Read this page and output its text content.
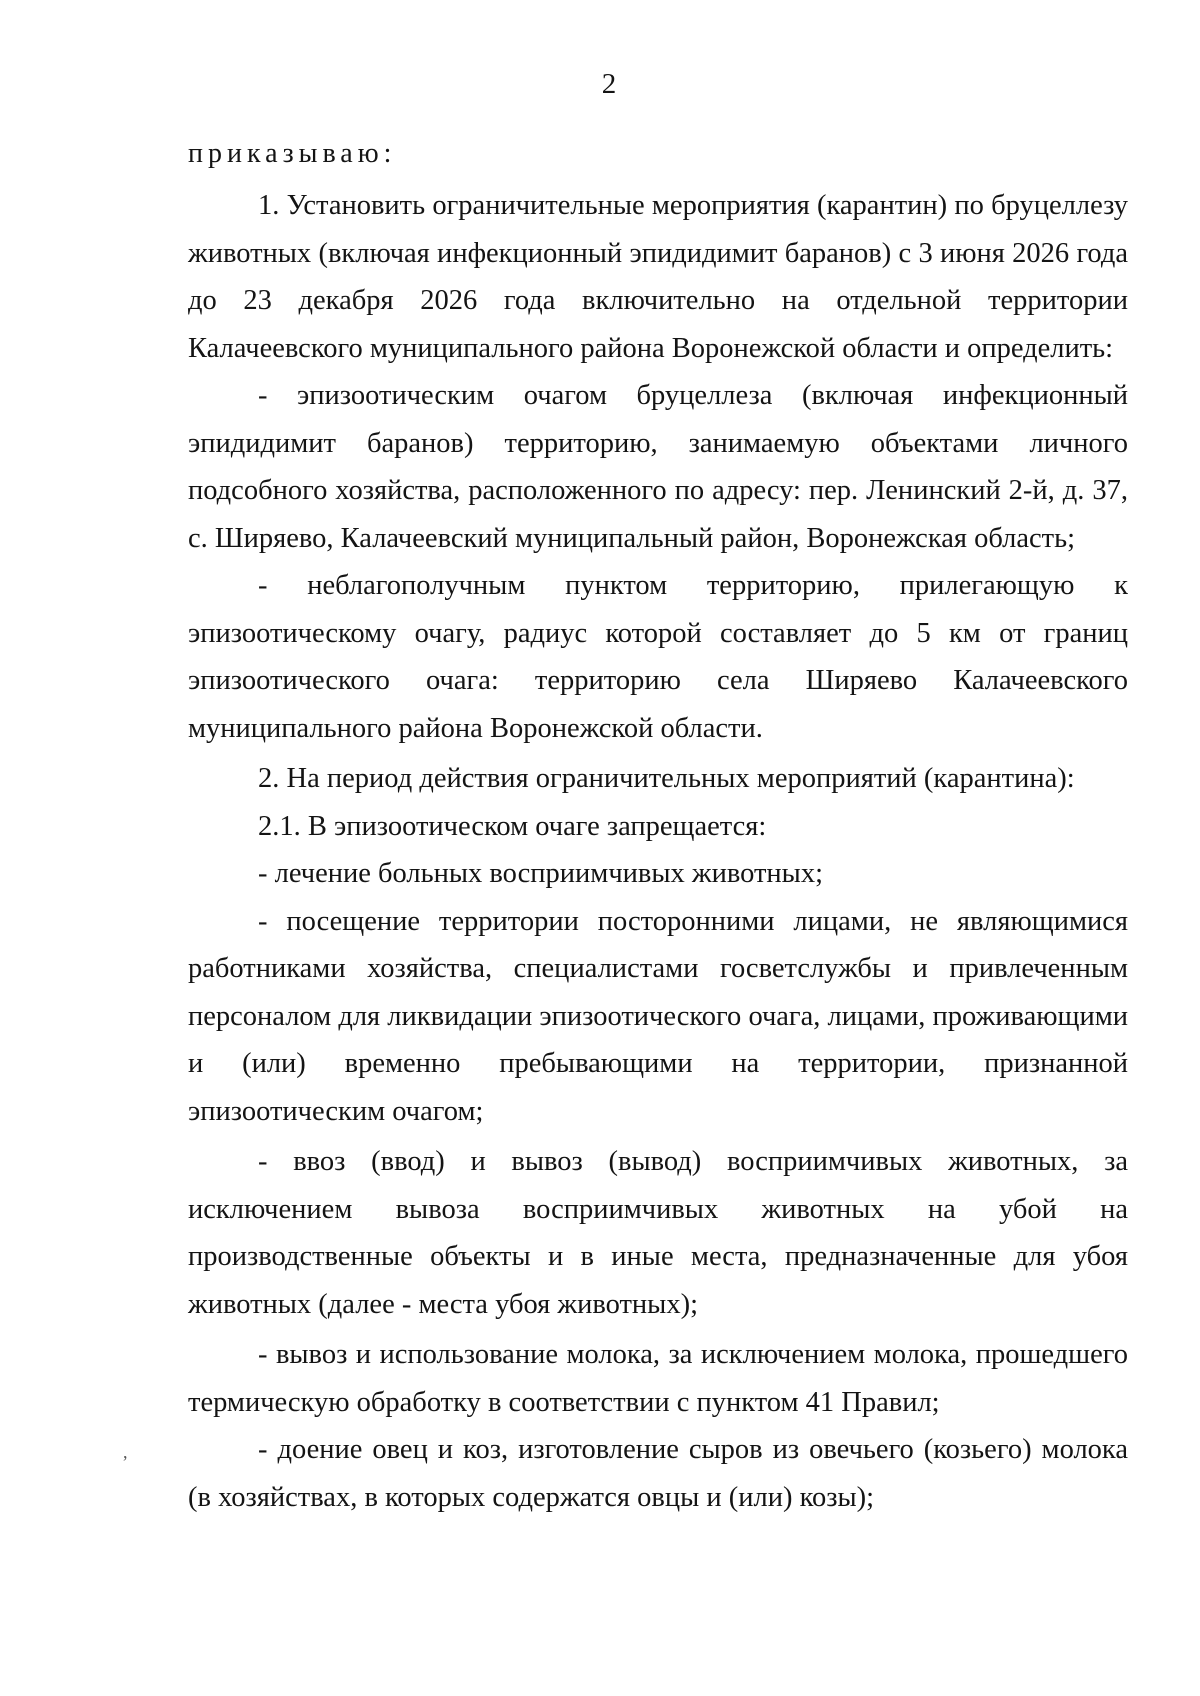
2
приказываю:

1. Установить ограничительные мероприятия (карантин) по бруцеллезу животных (включая инфекционный эпидидимит баранов) с 3 июня 2026 года до 23 декабря 2026 года включительно на отдельной территории Калачеевского муниципального района Воронежской области и определить:

- эпизоотическим очагом бруцеллеза (включая инфекционный эпидидимит баранов) территорию, занимаемую объектами личного подсобного хозяйства, расположенного по адресу: пер. Ленинский 2-й, д. 37, с. Ширяево, Калачеевский муниципальный район, Воронежская область;

- неблагополучным пунктом территорию, прилегающую к эпизоотическому очагу, радиус которой составляет до 5 км от границ эпизоотического очага: территорию села Ширяево Калачеевского муниципального района Воронежской области.

2. На период действия ограничительных мероприятий (карантина):

2.1. В эпизоотическом очаге запрещается:

- лечение больных восприимчивых животных;

- посещение территории посторонними лицами, не являющимися работниками хозяйства, специалистами госветслужбы и привлеченным персоналом для ликвидации эпизоотического очага, лицами, проживающими и (или) временно пребывающими на территории, признанной эпизоотическим очагом;

- ввоз (ввод) и вывоз (вывод) восприимчивых животных, за исключением вывоза восприимчивых животных на убой на производственные объекты и в иные места, предназначенные для убоя животных (далее - места убоя животных);

- вывоз и использование молока, за исключением молока, прошедшего термическую обработку в соответствии с пунктом 41 Правил;

- доение овец и коз, изготовление сыров из овечьего (козьего) молока (в хозяйствах, в которых содержатся овцы и (или) козы);

,
